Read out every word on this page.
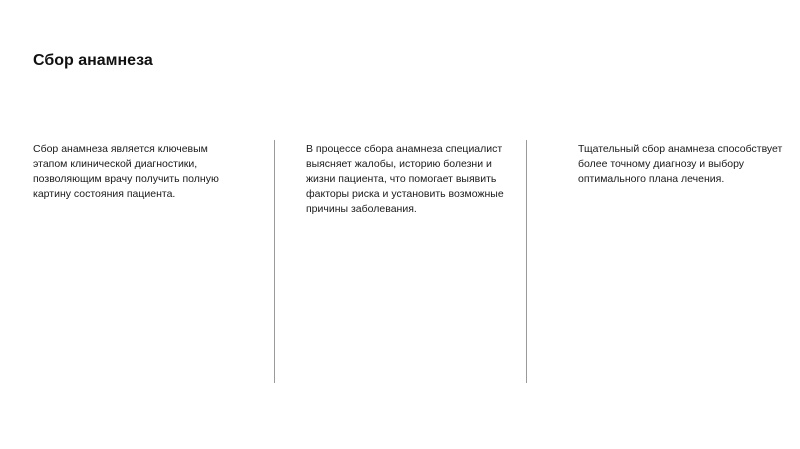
Сбор анамнеза
Сбор анамнеза является ключевым этапом клинической диагностики, позволяющим врачу получить полную картину состояния пациента.
В процессе сбора анамнеза специалист выясняет жалобы, историю болезни и жизни пациента, что помогает выявить факторы риска и установить возможные причины заболевания.
Тщательный сбор анамнеза способствует более точному диагнозу и выбору оптимального плана лечения.
